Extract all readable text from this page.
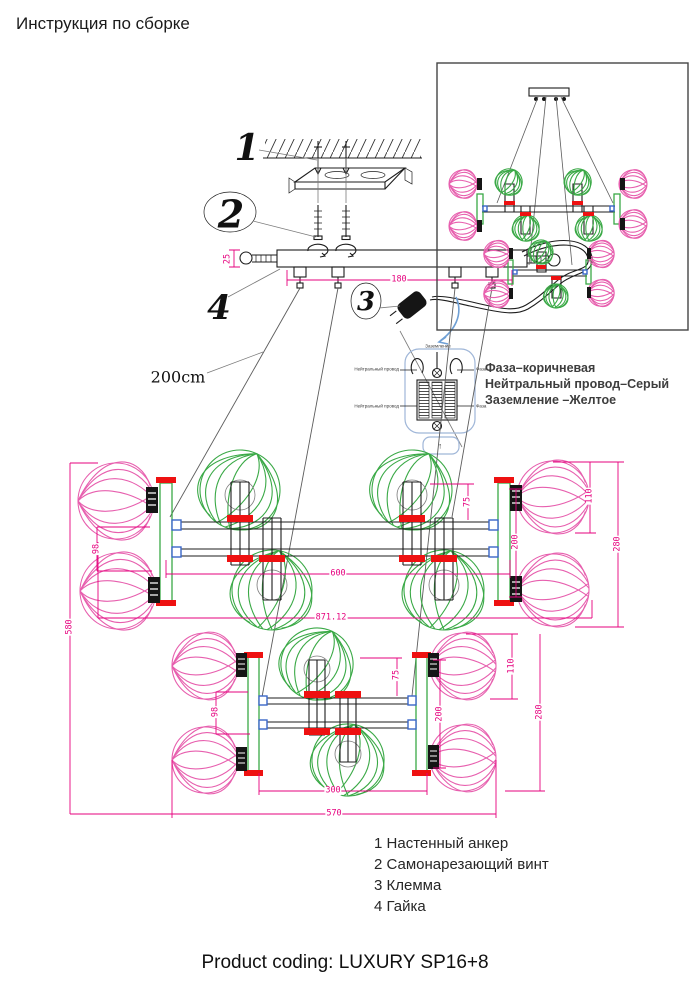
Инструкция по сборке
1
2
3
4
25
180
200cm	Фаза–коричневая
Нейтральный провод–Серый
Заземление –Желтое
Заземление
Нейтральный провод
Нейтральный провод
Фаза
Фаза
↑
600
871.12
580
98
75
200
110
280
98
75
200
110
280
300
570
1 Настенный анкер
2 Самонарезающий винт
3 Клемма
4 Гайка
Product coding: LUXURY SP16+8
